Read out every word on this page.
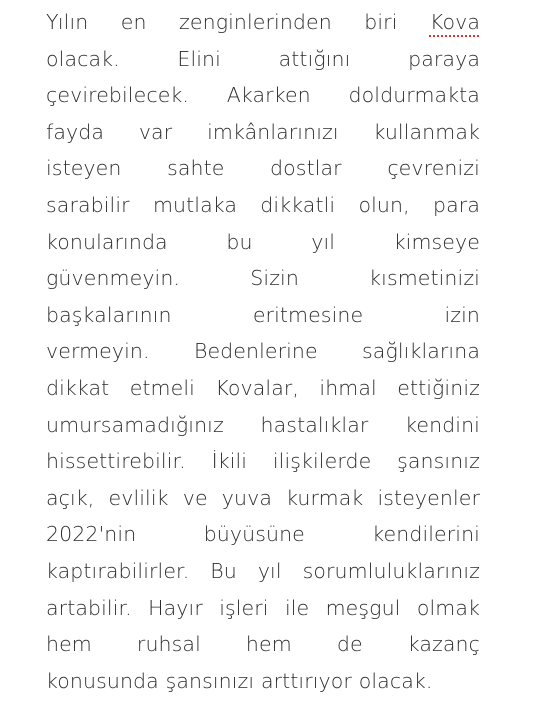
Yılın en zenginlerinden biri Kova
olacak.	Elini	attığını	paraya
çevirebilecek. Akarken doldurmakta
fayda var imkânlarınızı kullanmak
isteyen sahte dostlar çevrenizi
sarabilir mutlaka dikkatli olun, para
konularında	bu	yıl	kimseye
güvenmeyin.	Sizin	kısmetinizi
başkalarının	eritmesine	izin
vermeyin. Bedenlerine sağlıklarına
dikkat etmeli Kovalar, ihmal ettiğiniz
umursamadığınız hastalıklar kendini
hissettirebilir. İkili ilişkilerde şansınız
açık, evlilik ve yuva kurmak isteyenler
2022'nin	büyüsüne	kendilerini
kaptırabilirler. Bu yıl sorumluluklarınız
artabilir. Hayır işleri ile meşgul olmak
hem ruhsal hem de kazanç
konusunda şansınızı arttırıyor olacak.
